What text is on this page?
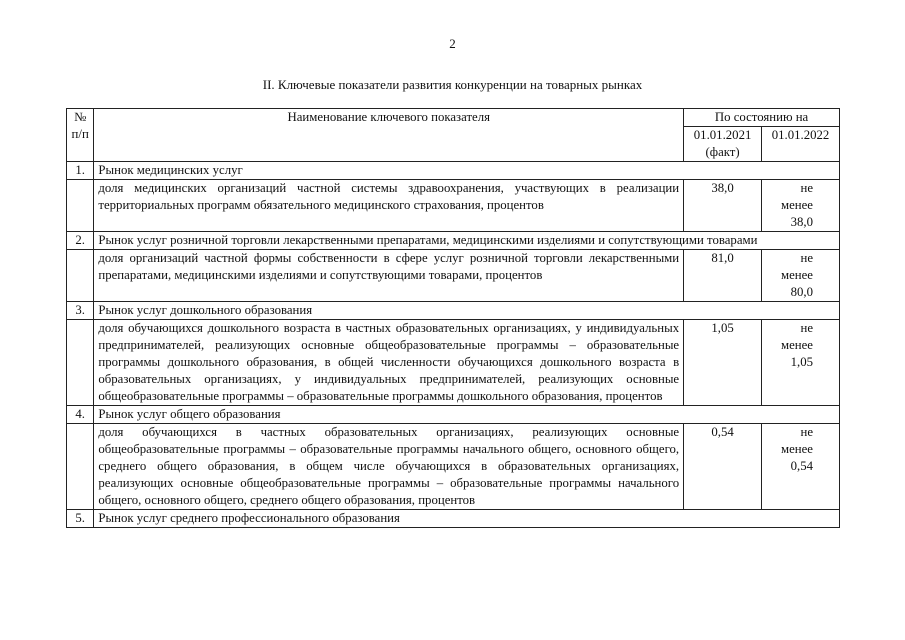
2
II. Ключевые показатели развития конкуренции на товарных рынках
№ п/п	Наименование ключевого показателя	По состоянию на	
		01.01.2021 (факт)	01.01.2022
1.	Рынок медицинских услуг		
	доля медицинских организаций частной системы здравоохранения, участвующих в реализации территориальных программ обязательного медицинского страхования, процентов	38,0	не менее 38,0
2.	Рынок услуг розничной торговли лекарственными препаратами, медицинскими изделиями и сопутствующими товарами		
	доля организаций частной формы собственности в сфере услуг розничной торговли лекарственными препаратами, медицинскими изделиями и сопутствующими товарами, процентов	81,0	не менее 80,0
3.	Рынок услуг дошкольного образования		
	доля обучающихся дошкольного возраста в частных образовательных организациях, у индивидуальных предпринимателей, реализующих основные общеобразовательные программы – образовательные программы дошкольного образования, в общей численности обучающихся дошкольного возраста в образовательных организациях, у индивидуальных предпринимателей, реализующих основные общеобразовательные программы – образовательные программы дошкольного образования, процентов	1,05	не менее 1,05
4.	Рынок услуг общего образования		
	доля обучающихся в частных образовательных организациях, реализующих основные общеобразовательные программы – образовательные программы начального общего, основного общего, среднего общего образования, в общем числе обучающихся в образовательных организациях, реализующих основные общеобразовательные программы – образовательные программы начального общего, основного общего, среднего общего образования, процентов	0,54	не менее 0,54
5.	Рынок услуг среднего профессионального образования		
